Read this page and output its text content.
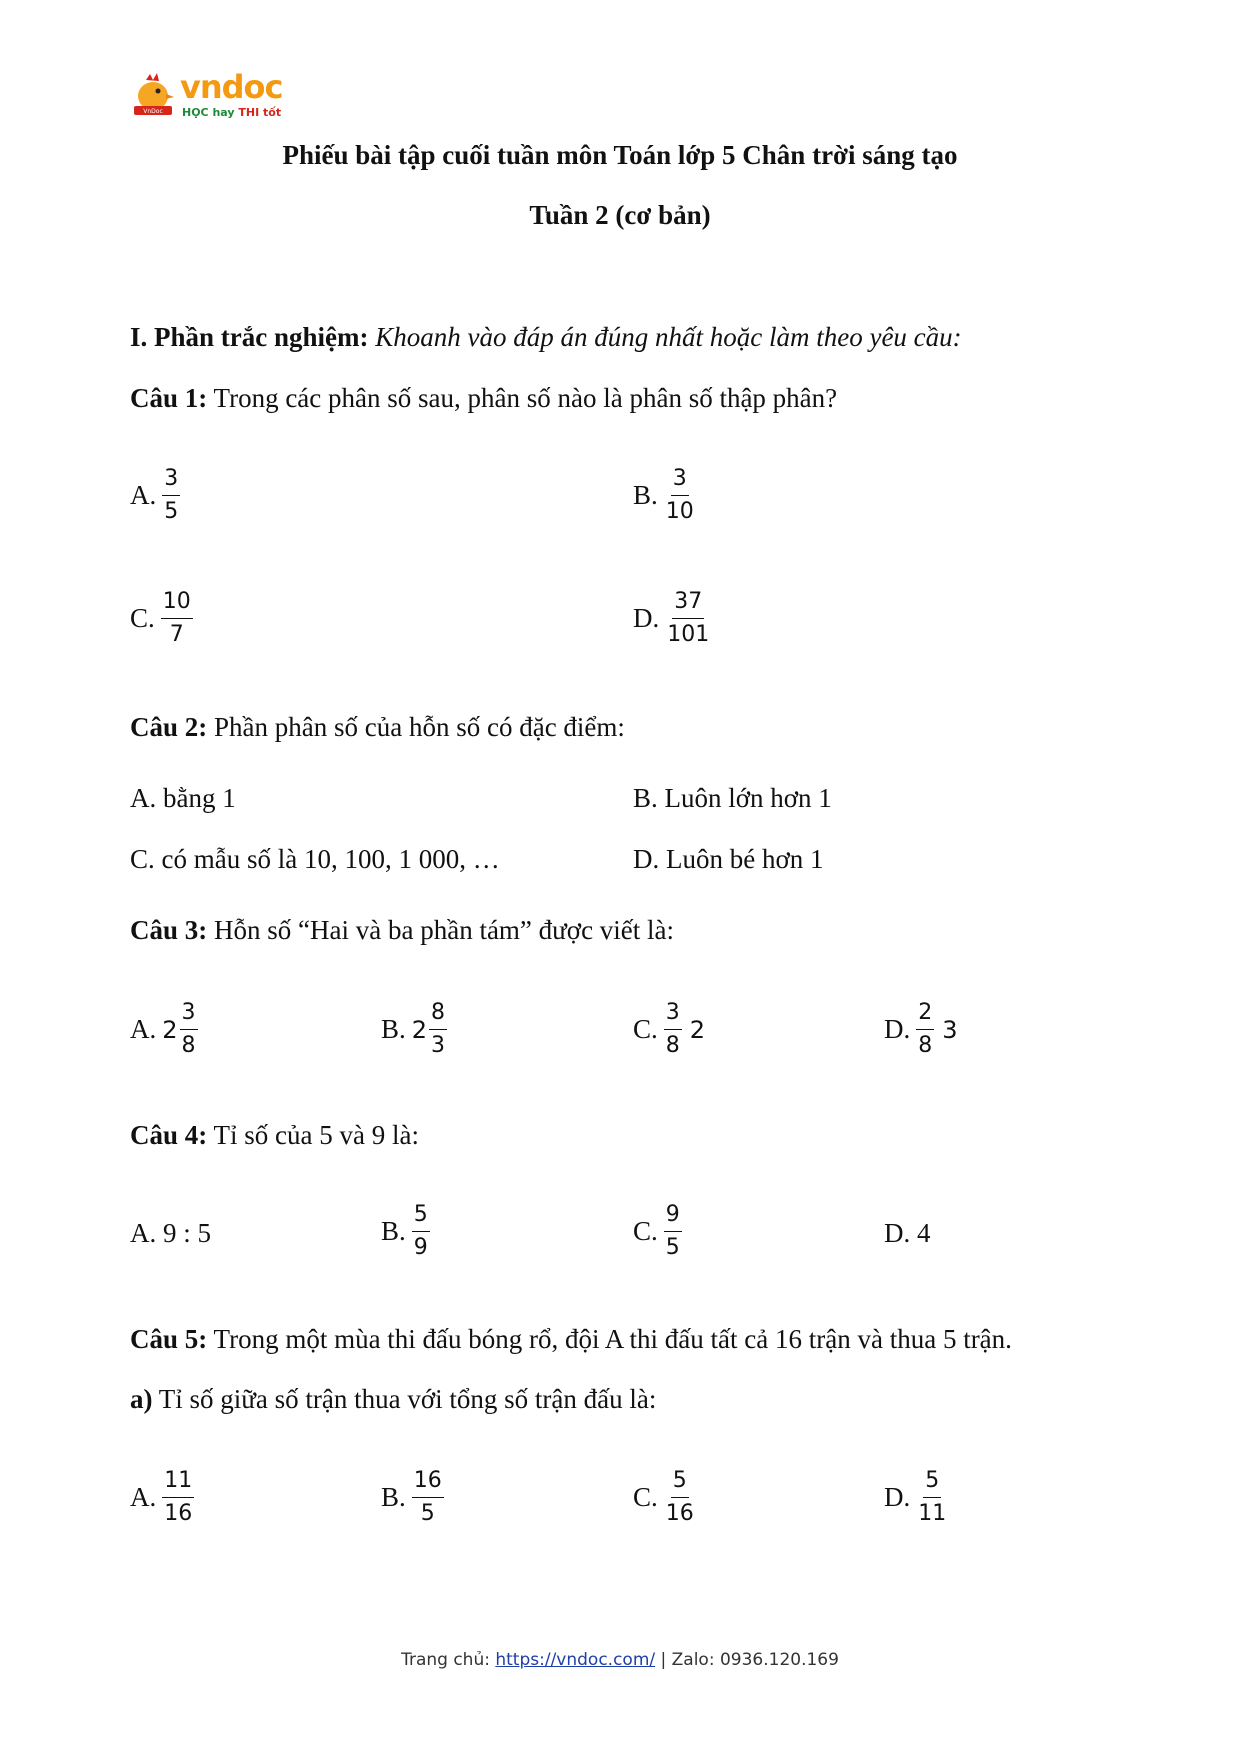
VnDoc
vndoc
HỌC hay THI tốt
Phiếu bài tập cuối tuần môn Toán lớp 5 Chân trời sáng tạo
Tuần 2 (cơ bản)
I. Phần trắc nghiệm: Khoanh vào đáp án đúng nhất hoặc làm theo yêu cầu:
Câu 1: Trong các phân số sau, phân số nào là phân số thập phân?
A. $\frac{3}{5}$	B. $\frac{3}{10}$
C. $\frac{10}{7}$	D. $\frac{37}{101}$
Câu 2: Phần phân số của hỗn số có đặc điểm:
A. bằng 1	B. Luôn lớn hơn 1
C. có mẫu số là 10, 100, 1 000, …	D. Luôn bé hơn 1
Câu 3: Hỗn số “Hai và ba phần tám” được viết là:
A. $2 \frac{3}{8}$	B. $2 \frac{8}{3}$	C. $\frac{3}{8} 2$	D. $\frac{2}{8} 3$
Câu 4: Tỉ số của 5 và 9 là:
A. 9 : 5	B. $\frac{5}{9}$	C. $\frac{9}{5}$	D. 4
Câu 5: Trong một mùa thi đấu bóng rổ, đội A thi đấu tất cả 16 trận và thua 5 trận.
a) Tỉ số giữa số trận thua với tổng số trận đấu là:
A. $\frac{11}{16}$	B. $\frac{16}{5}$	C. $\frac{5}{16}$	D. $\frac{5}{11}$
Trang chủ: https://vndoc.com/ | Zalo: 0936.120.169
